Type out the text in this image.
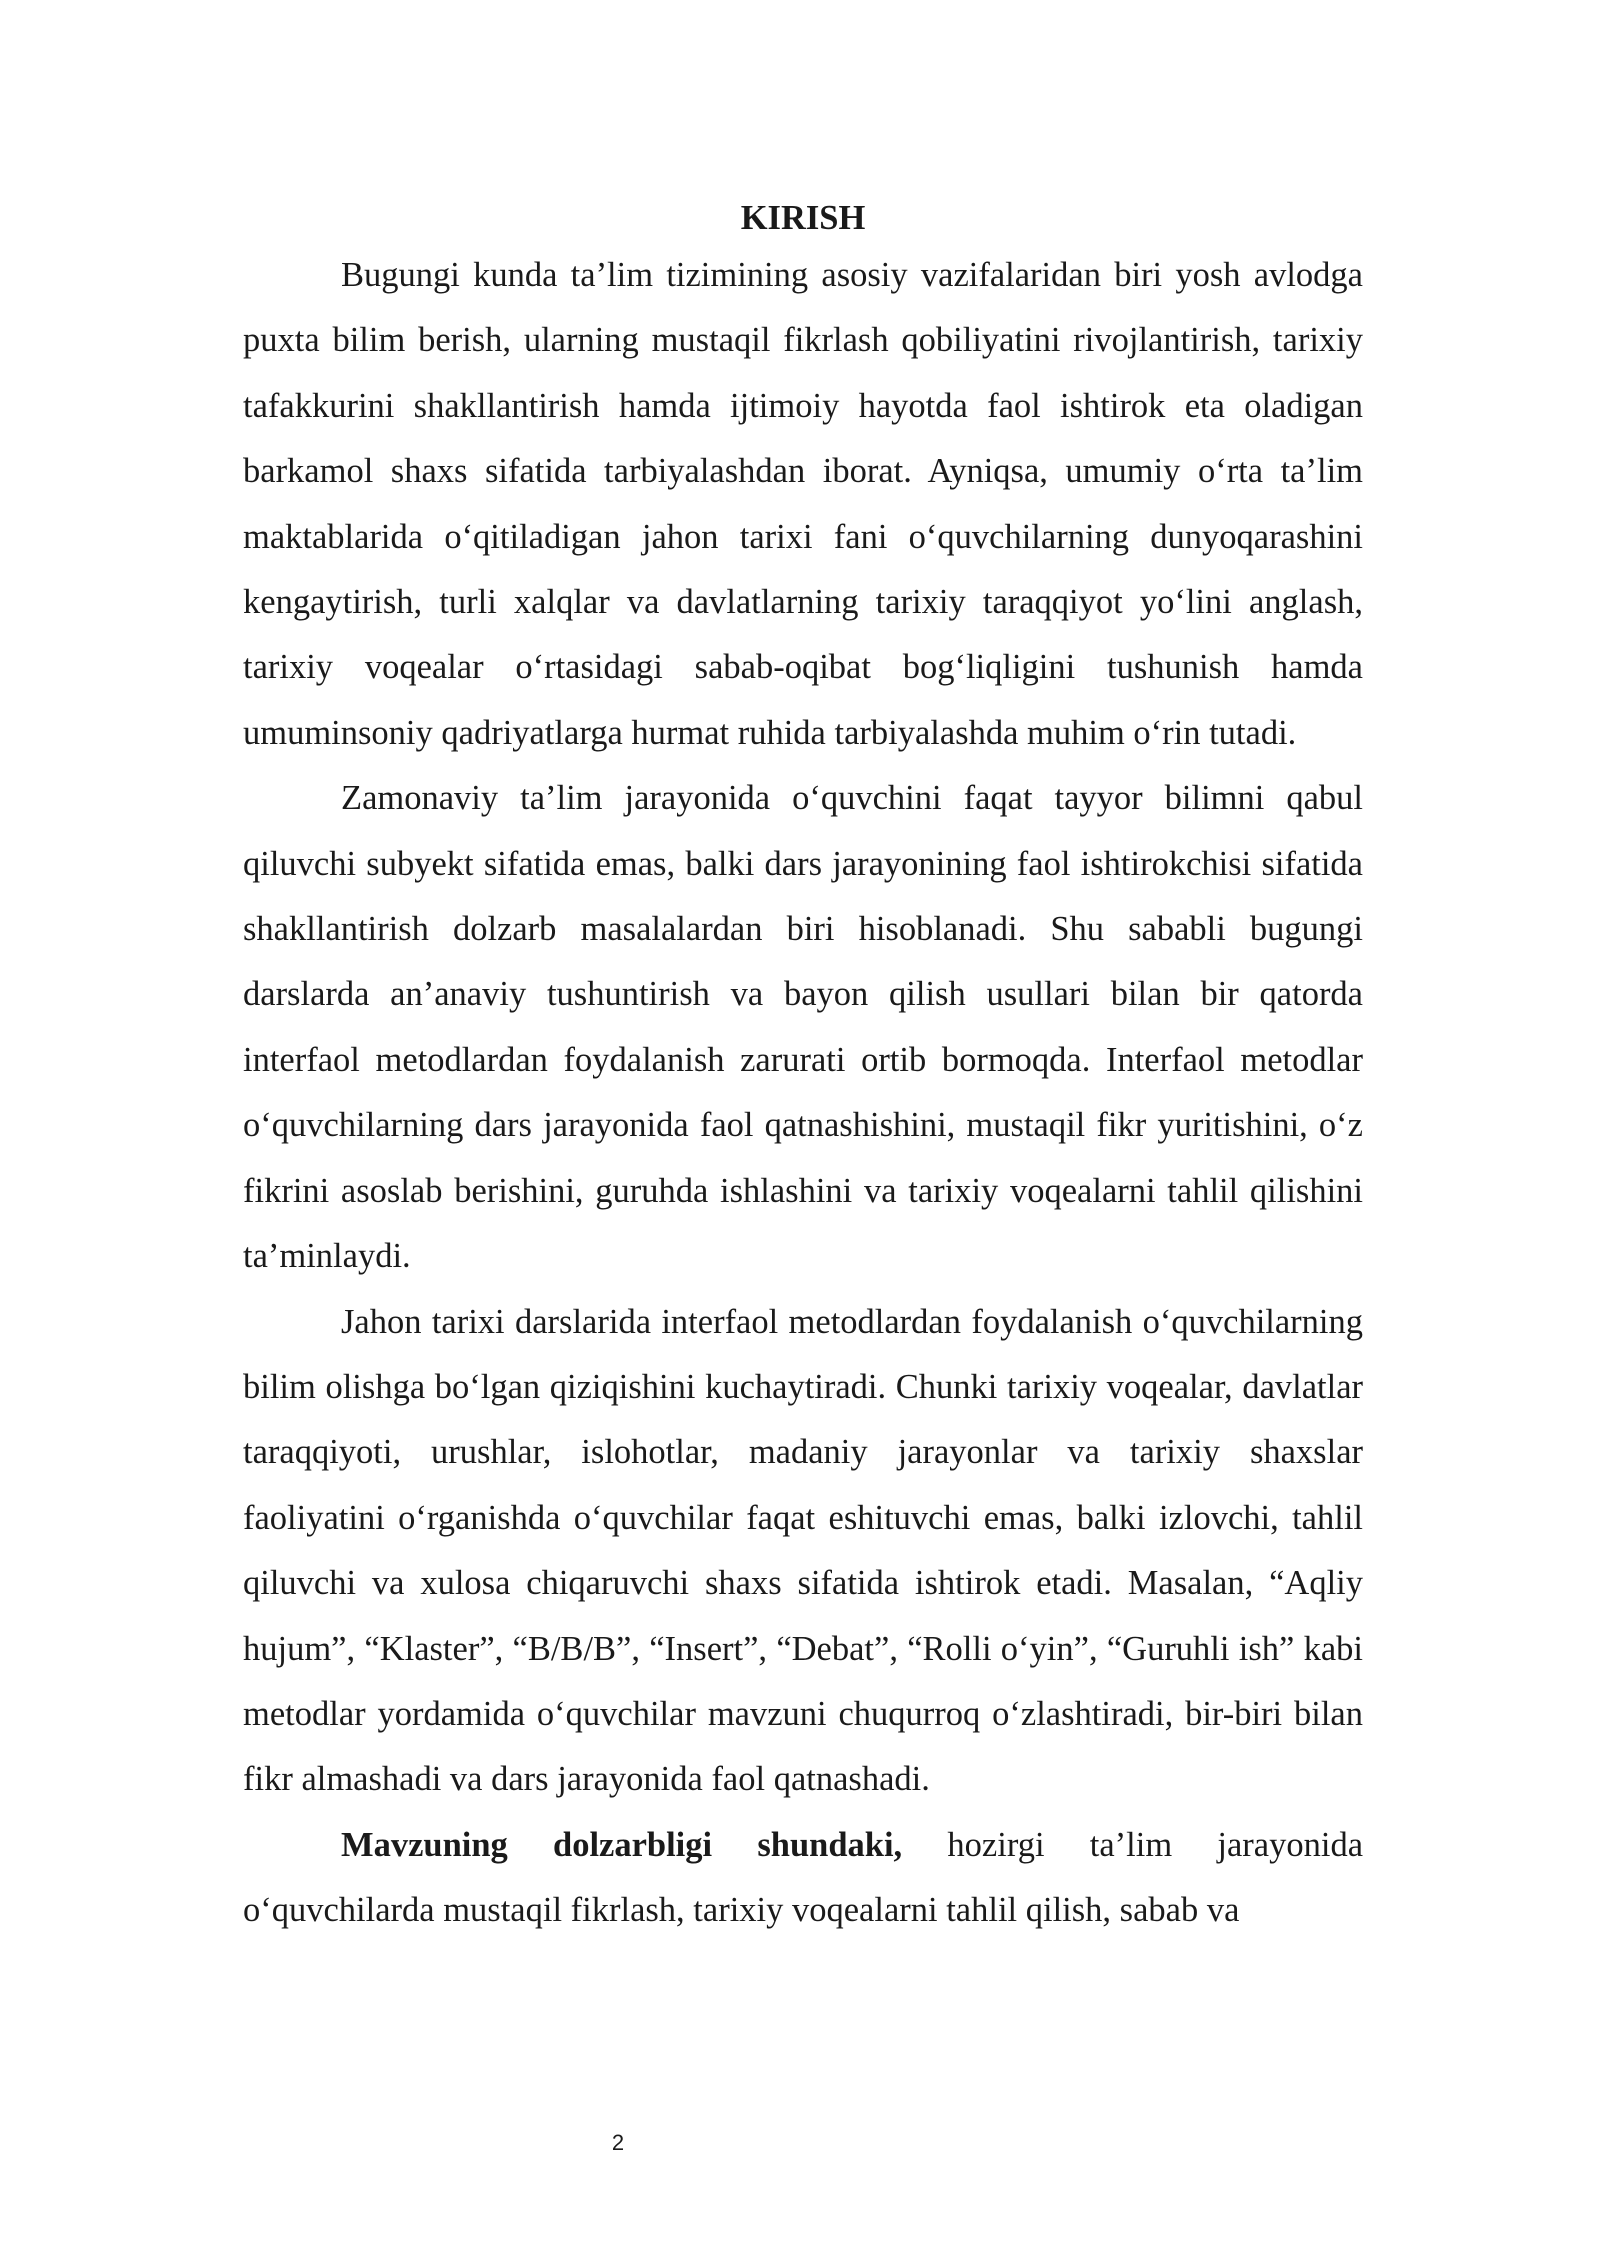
KIRISH

Bugungi kunda ta’lim tizimining asosiy vazifalaridan biri yosh avlodga puxta bilim berish, ularning mustaqil fikrlash qobiliyatini rivojlantirish, tarixiy tafakkurini shakllantirish hamda ijtimoiy hayotda faol ishtirok eta oladigan barkamol shaxs sifatida tarbiyalashdan iborat. Ayniqsa, umumiy o‘rta ta’lim maktablarida o‘qitiladigan jahon tarixi fani o‘quvchilarning dunyoqarashini kengaytirish, turli xalqlar va davlatlarning tarixiy taraqqiyot yo‘lini anglash, tarixiy voqealar o‘rtasidagi sabab-oqibat bog‘liqligini tushunish hamda umuminsoniy qadriyatlarga hurmat ruhida tarbiyalashda muhim o‘rin tutadi.

Zamonaviy ta’lim jarayonida o‘quvchini faqat tayyor bilimni qabul qiluvchi subyekt sifatida emas, balki dars jarayonining faol ishtirokchisi sifatida shakllantirish dolzarb masalalardan biri hisoblanadi. Shu sababli bugungi darslarda an’anaviy tushuntirish va bayon qilish usullari bilan bir qatorda interfaol metodlardan foydalanish zarurati ortib bormoqda. Interfaol metodlar o‘quvchilarning dars jarayonida faol qatnashishini, mustaqil fikr yuritishini, o‘z fikrini asoslab berishini, guruhda ishlashini va tarixiy voqealarni tahlil qilishini ta’minlaydi.

Jahon tarixi darslarida interfaol metodlardan foydalanish o‘quvchilarning bilim olishga bo‘lgan qiziqishini kuchaytiradi. Chunki tarixiy voqealar, davlatlar taraqqiyoti, urushlar, islohotlar, madaniy jarayonlar va tarixiy shaxslar faoliyatini o‘rganishda o‘quvchilar faqat eshituvchi emas, balki izlovchi, tahlil qiluvchi va xulosa chiqaruvchi shaxs sifatida ishtirok etadi. Masalan, “Aqliy hujum”, “Klaster”, “B/B/B”, “Insert”, “Debat”, “Rolli o‘yin”, “Guruhli ish” kabi metodlar yordamida o‘quvchilar mavzuni chuqurroq o‘zlashtiradi, bir-biri bilan fikr almashadi va dars jarayonida faol qatnashadi.

Mavzuning dolzarbligi shundaki, hozirgi ta’lim jarayonida o‘quvchilarda mustaqil fikrlash, tarixiy voqealarni tahlil qilish, sabab va

2
